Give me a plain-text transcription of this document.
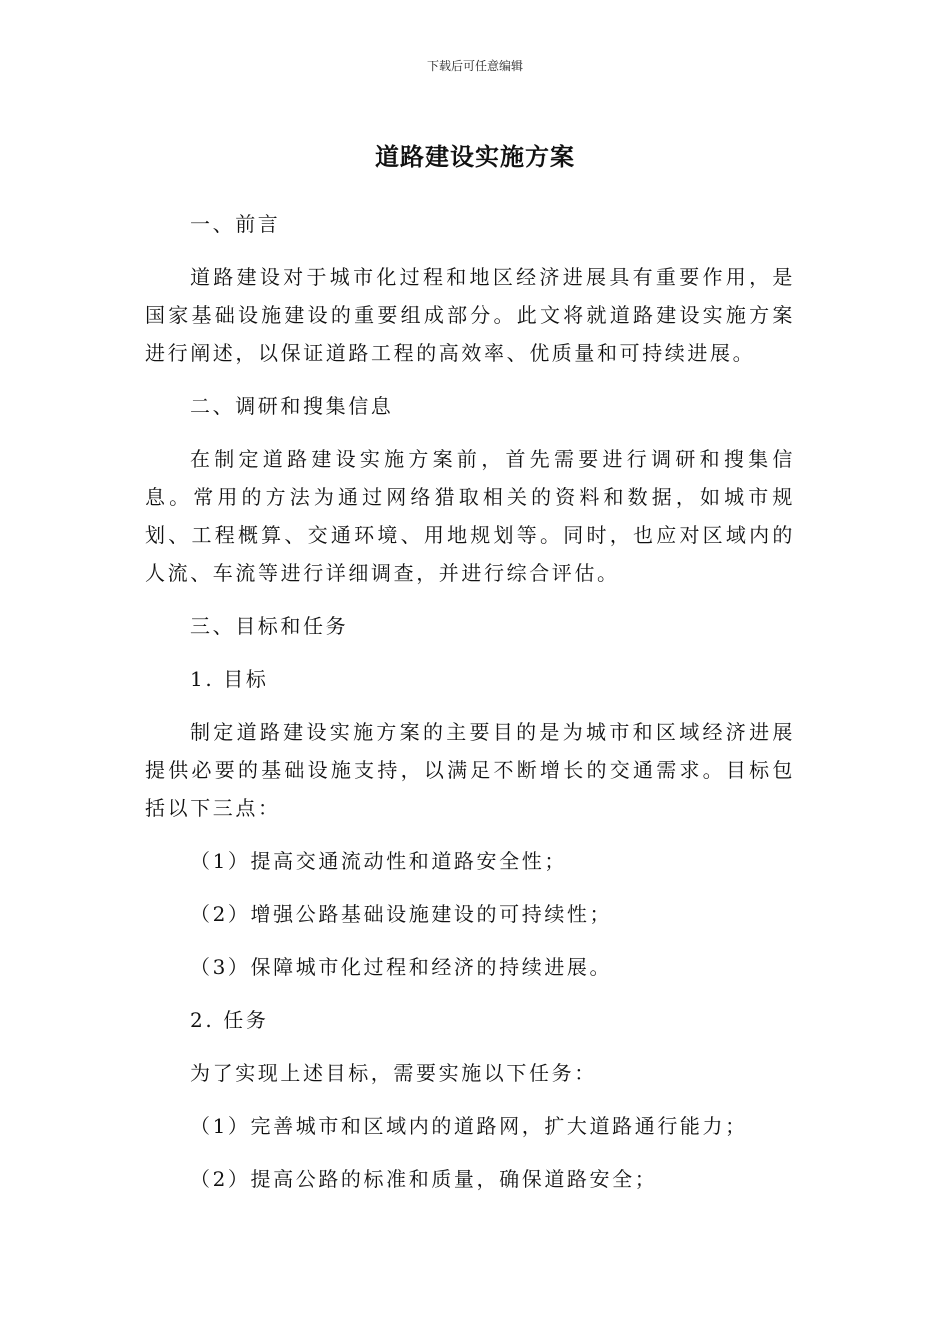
下载后可任意编辑
道路建设实施方案
一、前言
道路建设对于城市化过程和地区经济进展具有重要作用，是国家基础设施建设的重要组成部分。此文将就道路建设实施方案进行阐述，以保证道路工程的高效率、优质量和可持续进展。
二、调研和搜集信息
在制定道路建设实施方案前，首先需要进行调研和搜集信息。常用的方法为通过网络猎取相关的资料和数据，如城市规划、工程概算、交通环境、用地规划等。同时，也应对区域内的人流、车流等进行详细调查，并进行综合评估。
三、目标和任务
1. 目标
制定道路建设实施方案的主要目的是为城市和区域经济进展提供必要的基础设施支持，以满足不断增长的交通需求。目标包括以下三点：
（1）提高交通流动性和道路安全性；
（2）增强公路基础设施建设的可持续性；
（3）保障城市化过程和经济的持续进展。
2. 任务
为了实现上述目标，需要实施以下任务：
（1）完善城市和区域内的道路网，扩大道路通行能力；
（2）提高公路的标准和质量，确保道路安全；
